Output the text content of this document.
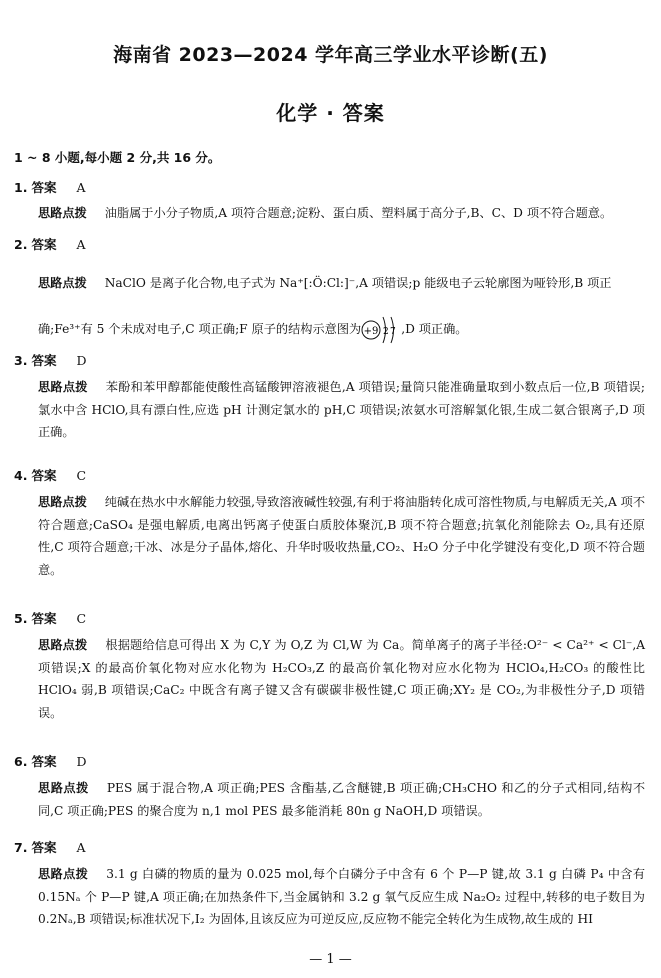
海南省 2023—2024 学年高三学业水平诊断(五)
化学 · 答案
1 ~ 8 小题,每小题 2 分,共 16 分。
1. 答案 A
思路点拨 油脂属于小分子物质,A 项符合题意;淀粉、蛋白质、塑料属于高分子,B、C、D 项不符合题意。
2. 答案 A
思路点拨 NaClO 是离子化合物,电子式为 Na⁺[:Ö:Cl:]⁻,A 项错误;p 能级电子云轮廓图为哑铃形,B 项正
确;Fe³⁺有 5 个未成对电子,C 项正确;F 原子的结构示意图为 +9 2 7 ,D 项正确。
3. 答案 D
思路点拨 苯酚和苯甲醇都能使酸性高锰酸钾溶液褪色,A 项错误;量筒只能准确量取到小数点后一位,B 项错误;氯水中含 HClO,具有漂白性,应选 pH 计测定氯水的 pH,C 项错误;浓氨水可溶解氯化银,生成二氨合银离子,D 项正确。
4. 答案 C
思路点拨 纯碱在热水中水解能力较强,导致溶液碱性较强,有利于将油脂转化成可溶性物质,与电解质无关,A 项不符合题意;CaSO₄ 是强电解质,电离出钙离子使蛋白质胶体聚沉,B 项不符合题意;抗氧化剂能除去 O₂,具有还原性,C 项符合题意;干冰、冰是分子晶体,熔化、升华时吸收热量,CO₂、H₂O 分子中化学键没有变化,D 项不符合题意。
5. 答案 C
思路点拨 根据题给信息可得出 X 为 C,Y 为 O,Z 为 Cl,W 为 Ca。简单离子的离子半径:O²⁻ < Ca²⁺ < Cl⁻,A 项错误;X 的最高价氧化物对应水化物为 H₂CO₃,Z 的最高价氧化物对应水化物为 HClO₄,H₂CO₃ 的酸性比 HClO₄ 弱,B 项错误;CaC₂ 中既含有离子键又含有碳碳非极性键,C 项正确;XY₂ 是 CO₂,为非极性分子,D 项错误。
6. 答案 D
思路点拨 PES 属于混合物,A 项正确;PES 含酯基,乙含醚键,B 项正确;CH₃CHO 和乙的分子式相同,结构不同,C 项正确;PES 的聚合度为 n,1 mol PES 最多能消耗 80n g NaOH,D 项错误。
7. 答案 A
思路点拨 3.1 g 白磷的物质的量为 0.025 mol,每个白磷分子中含有 6 个 P—P 键,故 3.1 g 白磷 P₄ 中含有 0.15Nₐ 个 P—P 键,A 项正确;在加热条件下,当金属钠和 3.2 g 氧气反应生成 Na₂O₂ 过程中,转移的电子数目为 0.2Nₐ,B 项错误;标准状况下,I₂ 为固体,且该反应为可逆反应,反应物不能完全转化为生成物,故生成的 HI
— 1 —
